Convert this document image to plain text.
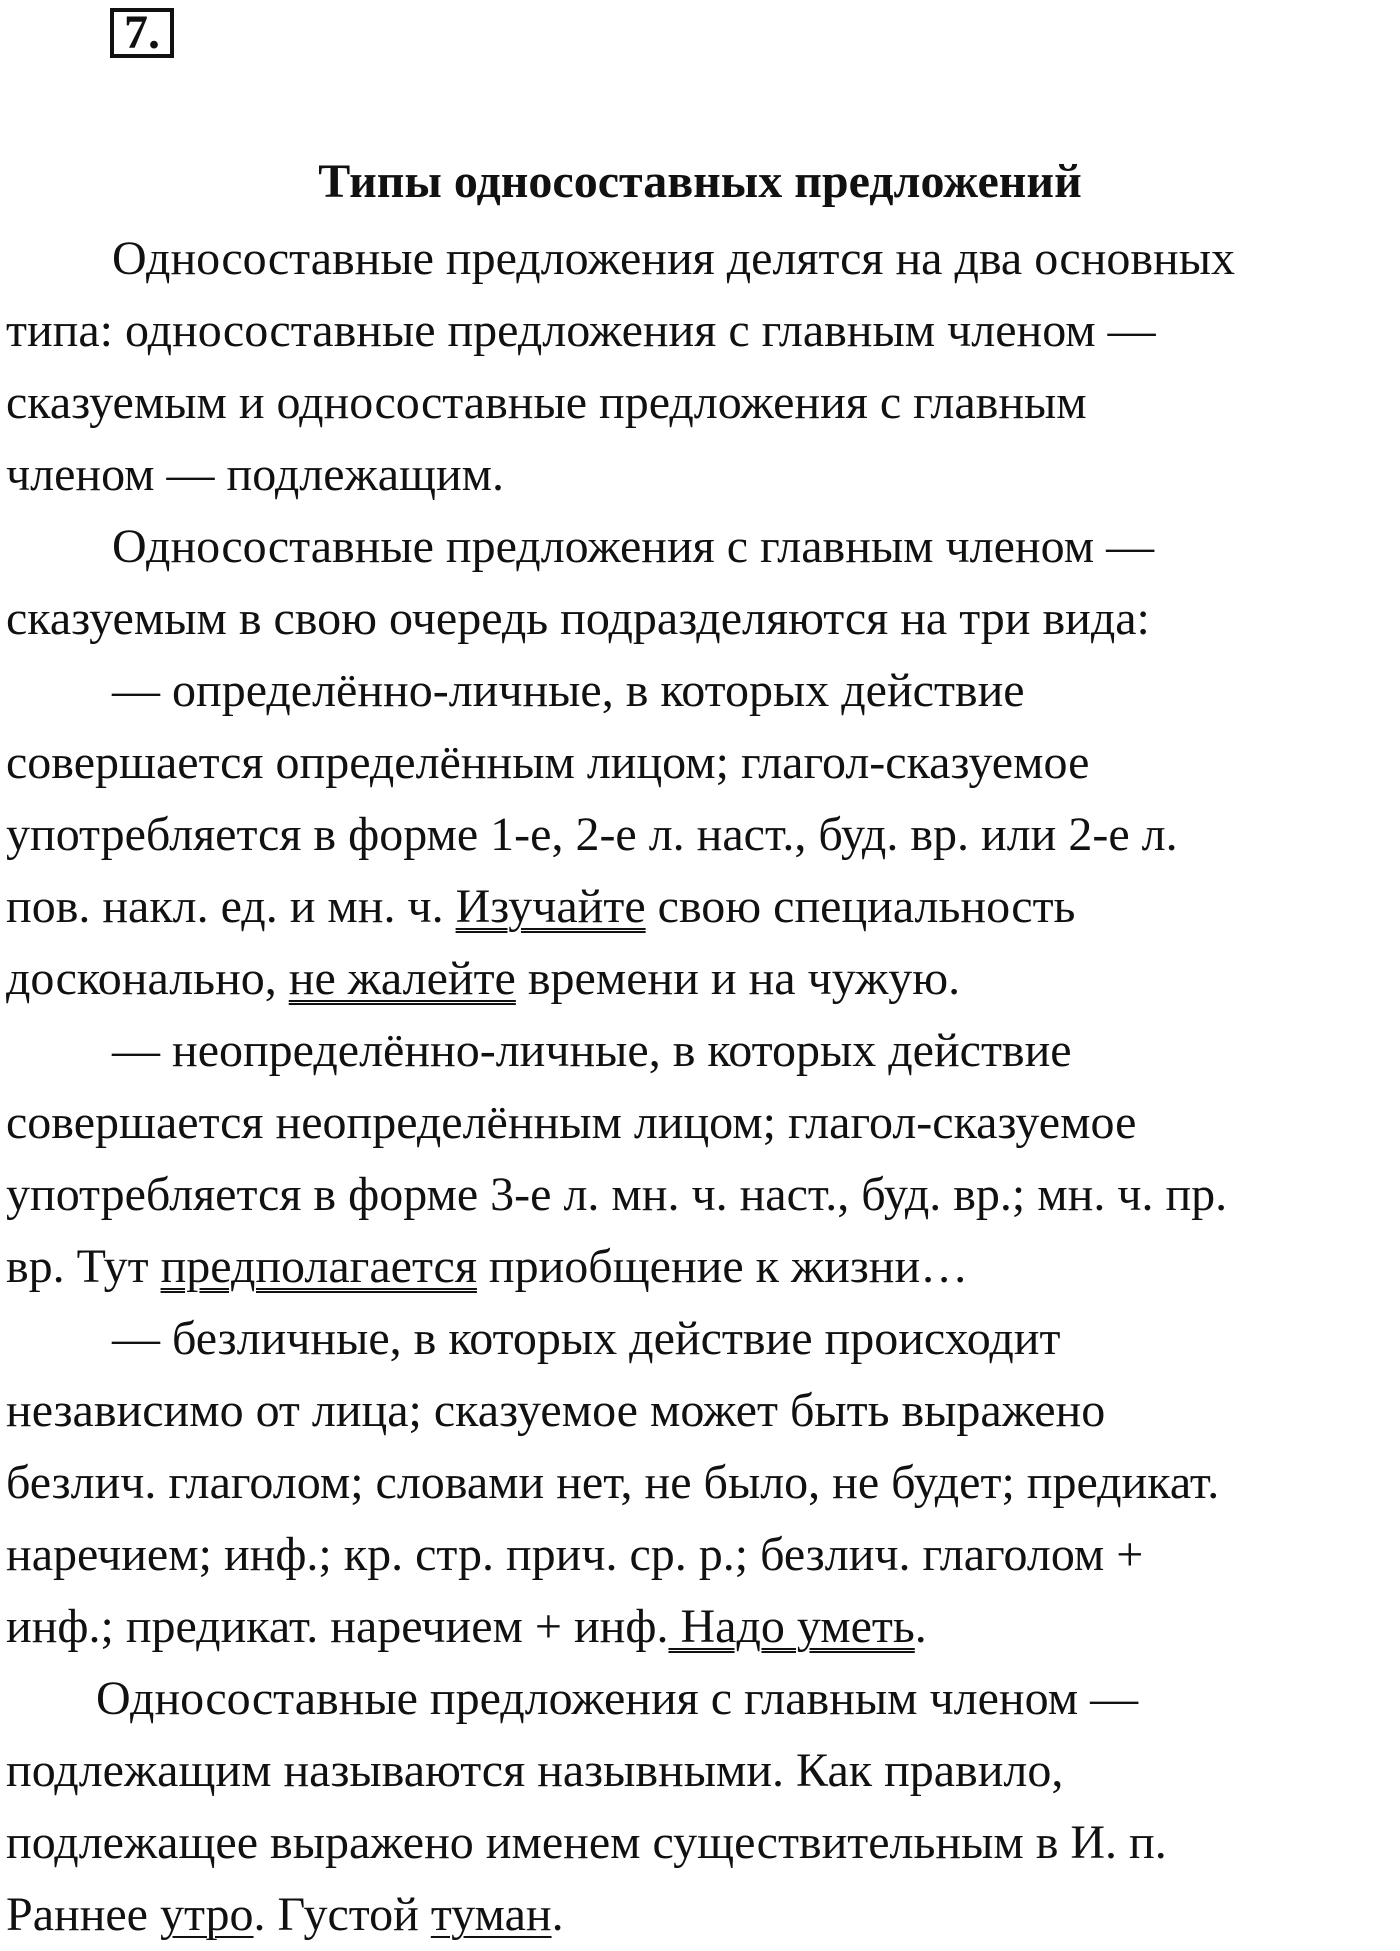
7.
Типы односоставных предложений
Односоставные предложения делятся на два основных
типа: односоставные предложения с главным членом —
сказуемым и односоставные предложения с главным
членом — подлежащим.
Односоставные предложения с главным членом —
сказуемым в свою очередь подразделяются на три вида:
— определённо-личные, в которых действие
совершается определённым лицом; глагол-сказуемое
употребляется в форме 1-е, 2-е л. наст., буд. вр. или 2-е л.
пов. накл. ед. и мн. ч. Изучайте свою специальность
досконально, не жалейте времени и на чужую.
— неопределённо-личные, в которых действие
совершается неопределённым лицом; глагол-сказуемое
употребляется в форме 3-е л. мн. ч. наст., буд. вр.; мн. ч. пр.
вр. Тут предполагается приобщение к жизни…
— безличные, в которых действие происходит
независимо от лица; сказуемое может быть выражено
безлич. глаголом; словами нет, не было, не будет; предикат.
наречием; инф.; кр. стр. прич. ср. р.; безлич. глаголом +
инф.; предикат. наречием + инф. Надо уметь.
Односоставные предложения с главным членом —
подлежащим называются назывными. Как правило,
подлежащее выражено именем существительным в И. п.
Раннее утро. Густой туман.
